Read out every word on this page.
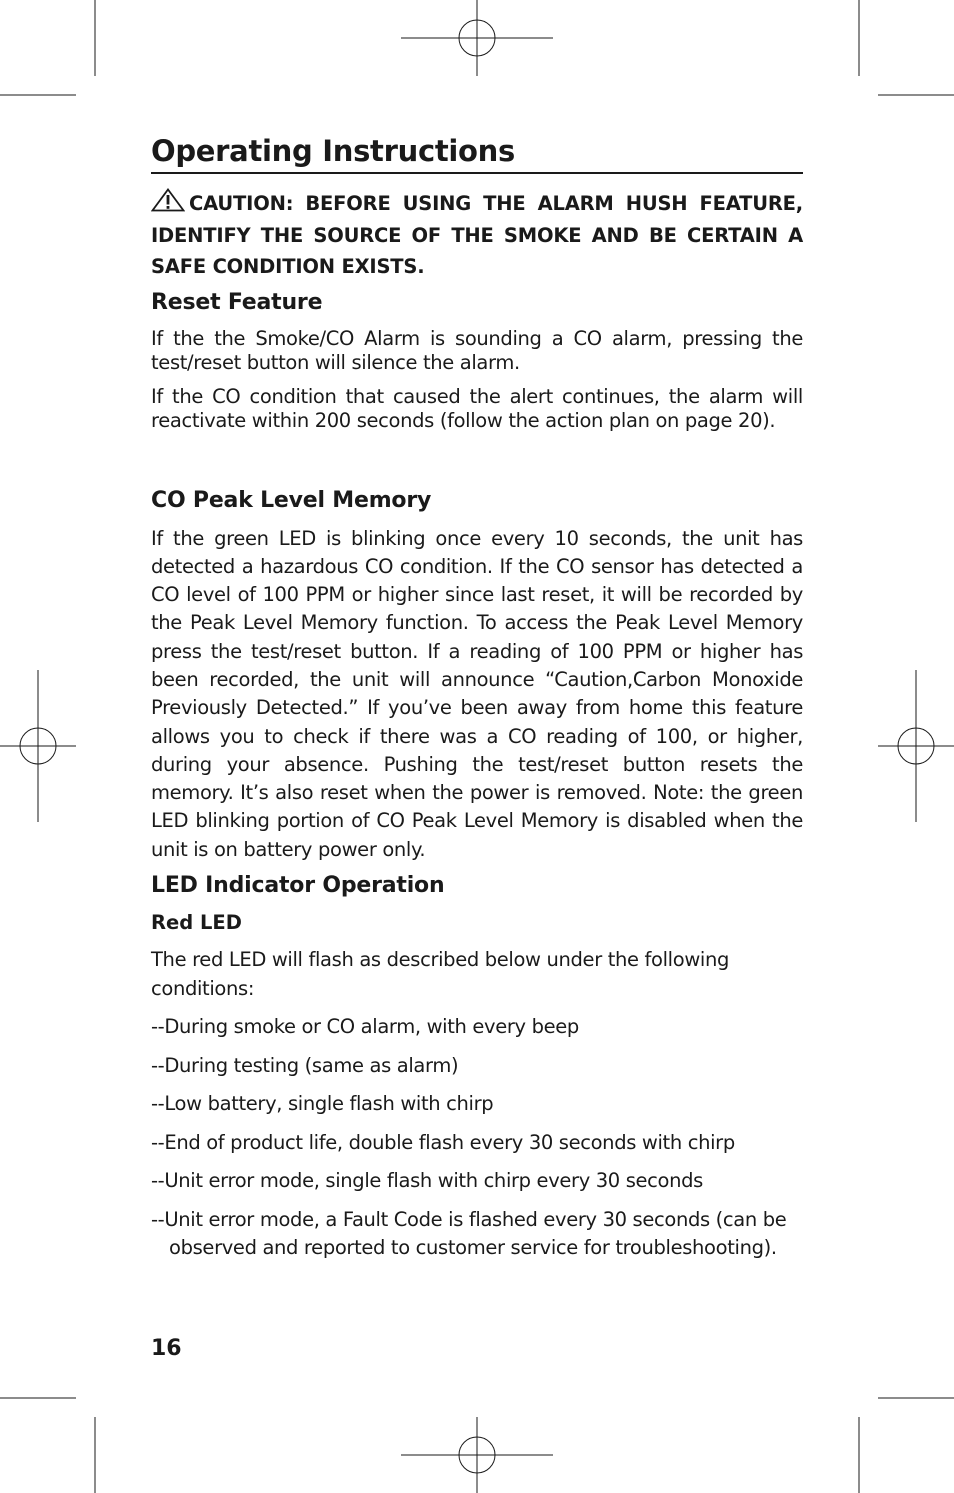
Operating Instructions
CAUTION: BEFORE USING THE ALARM HUSH FEATURE, IDENTIFY THE SOURCE OF THE SMOKE AND BE CERTAIN A SAFE CONDITION EXISTS.
Reset Feature

If the the Smoke/CO Alarm is sounding a CO alarm, pressing the test/reset button will silence the alarm.

If the CO condition that caused the alert continues, the alarm will reactivate within 200 seconds (follow the action plan on page 20).

CO Peak Level Memory

If the green LED is blinking once every 10 seconds, the unit has detected a hazardous CO condition. If the CO sensor has detected a CO level of 100 PPM or higher since last reset, it will be recorded by the Peak Level Memory function. To access the Peak Level Memory press the test/reset button. If a reading of 100 PPM or higher has been recorded, the unit will announce “Caution,Carbon Monoxide Previously Detected.” If you’ve been away from home this feature allows you to check if there was a CO reading of 100, or higher, during your absence. Pushing the test/reset button resets the memory. It’s also reset when the power is removed. Note: the green LED blinking portion of CO Peak Level Memory is disabled when the unit is on battery power only.

LED Indicator Operation
Red LED

The red LED will flash as described below under the following conditions:

--During smoke or CO alarm, with every beep
--During testing (same as alarm)
--Low battery, single flash with chirp
--End of product life, double flash every 30 seconds with chirp
--Unit error mode, single flash with chirp every 30 seconds
--Unit error mode, a Fault Code is flashed every 30 seconds (can be observed and reported to customer service for troubleshooting).
16
